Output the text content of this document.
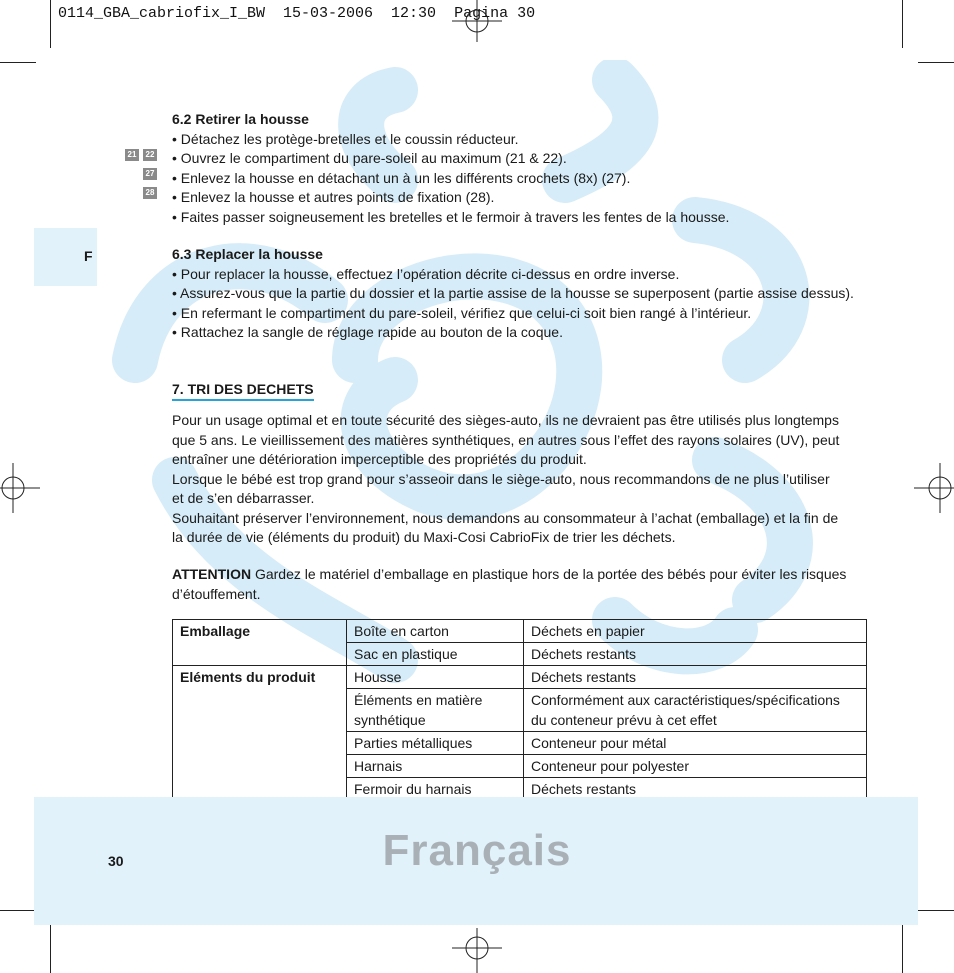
0114_GBA_cabriofix_I_BW  15-03-2006  12:30  Pagina 30
F
21	22
27
28

6.2 Retirer la housse

• Détachez les protège-bretelles et le coussin réducteur.

• Ouvrez le compartiment du pare-soleil au maximum (21 & 22).

• Enlevez la housse en détachant un à un les différents crochets (8x) (27).

• Enlevez la housse et autres points de fixation (28).

• Faites passer soigneusement les bretelles et le fermoir à travers les fentes de la housse.

6.3 Replacer la housse

• Pour replacer la housse, effectuez l’opération décrite ci-dessus en ordre inverse.

• Assurez-vous que la partie du dossier et la partie assise de la housse se superposent (partie assise dessus).

• En refermant le compartiment du pare-soleil, vérifiez que celui-ci soit bien rangé à l’intérieur.

• Rattachez la sangle de réglage rapide au bouton de la coque.

7. TRI DES DECHETS

Pour un usage optimal et en toute sécurité des sièges-auto, ils ne devraient pas être utilisés plus longtemps

que 5 ans. Le vieillissement des matières synthétiques, en autres sous l’effet des rayons solaires (UV), peut

entraîner une détérioration imperceptible des propriétés du produit.

Lorsque le bébé est trop grand pour s’asseoir dans le siège-auto, nous recommandons de ne plus l’utiliser

et de s’en débarrasser.

Souhaitant préserver l’environnement, nous demandons au consommateur à l’achat (emballage) et la fin de

la durée de vie (éléments du produit) du Maxi-Cosi CabrioFix de trier les déchets.

ATTENTION Gardez le matériel d’emballage en plastique hors de la portée des bébés pour éviter les risques

d’étouffement.

Emballage	Boîte en carton	Déchets en papier
	Sac en plastique	Déchets restants
Eléments du produit	Housse	Déchets restants
	Éléments en matière synthétique	Conformément aux caractéristiques/spécifications du conteneur prévu à cet effet
	Parties métalliques	Conteneur pour métal
	Harnais	Conteneur pour polyester
	Fermoir du harnais	Déchets restants
Français
30
